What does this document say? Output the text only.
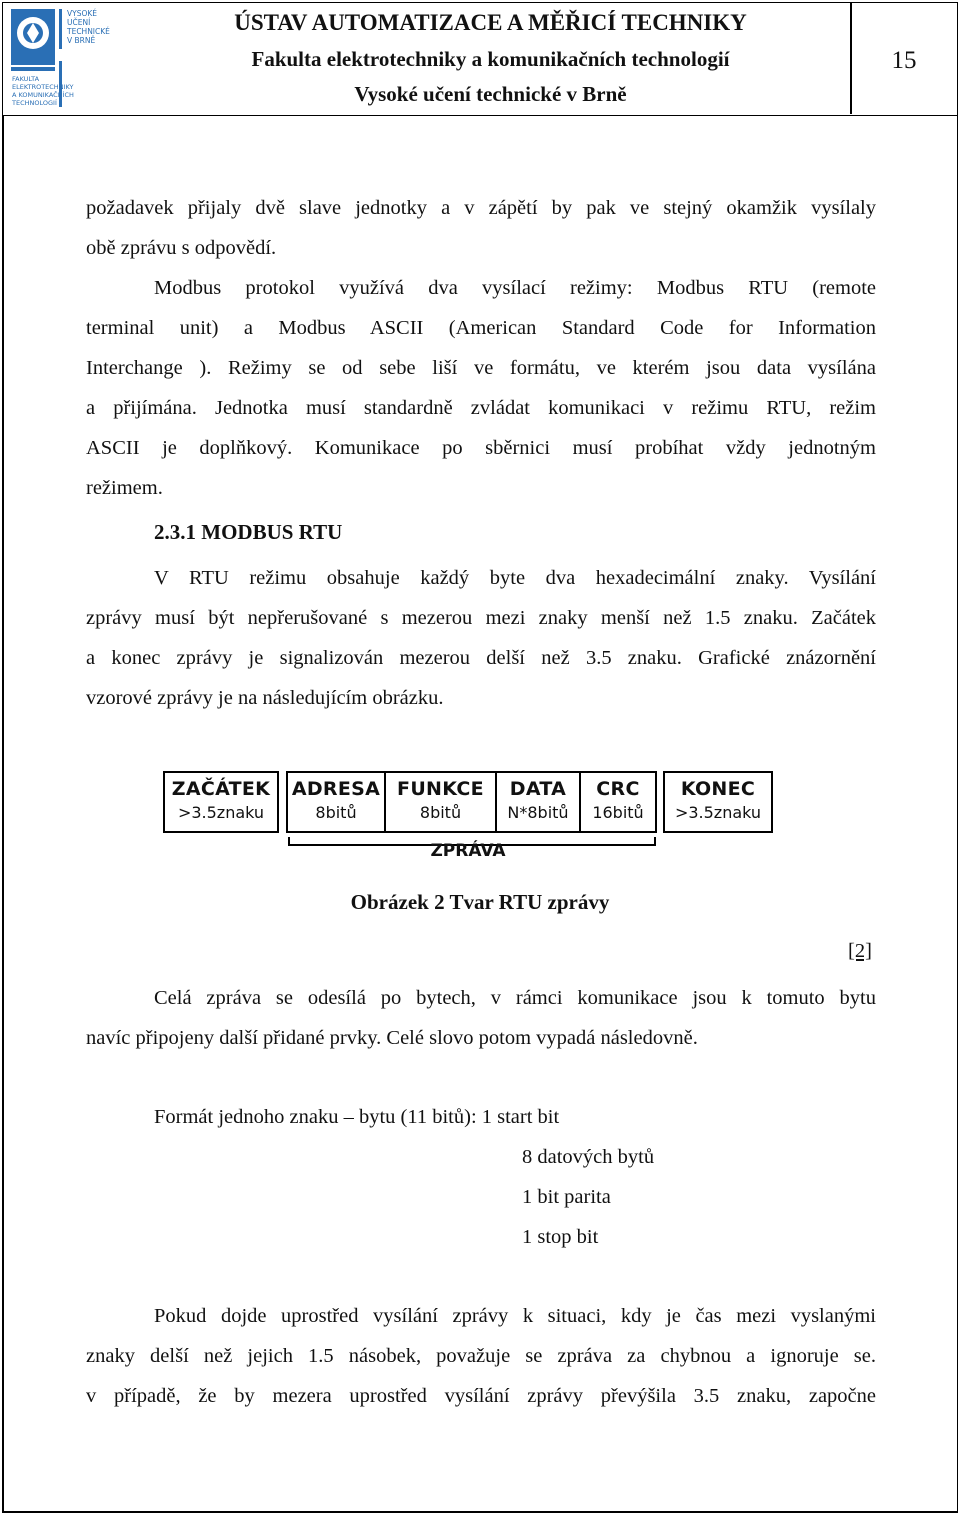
VYSOKÉ
UČENÍ
TECHNICKÉ
V BRNĚ
FAKULTA
ELEKTROTECHNIKY
A KOMUNIKAČNÍCH
TECHNOLOGIÍ
ÚSTAV AUTOMATIZACE A MĚŘICÍ TECHNIKY
Fakulta elektrotechniky a komunikačních technologií
Vysoké učení technické v Brně
15
požadavek přijaly dvě slave jednotky a v zápětí by pak ve stejný okamžik vysílaly
obě zprávu s odpovědí.
Modbus protokol využívá dva vysílací režimy: Modbus RTU (remote
terminal unit) a Modbus ASCII (American Standard Code for Information
Interchange ). Režimy se od sebe liší ve formátu, ve kterém jsou data vysílána
a přijímána. Jednotka musí standardně zvládat komunikaci v režimu RTU, režim
ASCII je doplňkový. Komunikace po sběrnici musí probíhat vždy jednotným
režimem.
2.3.1 MODBUS RTU
V RTU režimu obsahuje každý byte dva hexadecimální znaky. Vysílání
zprávy musí být nepřerušované s mezerou mezi znaky menší než 1.5 znaku. Začátek
a konec zprávy je signalizován mezerou delší než 3.5 znaku. Grafické znázornění
vzorové zprávy je na následujícím obrázku.
ZAČÁTEK
>3.5znaku
ADRESA
8bitů
FUNKCE
8bitů
DATA
N*8bitů
CRC
16bitů
KONEC
>3.5znaku
ZPRÁVA
Obrázek 2 Tvar RTU zprávy
[2]
Celá zpráva se odesílá po bytech, v rámci komunikace jsou k tomuto bytu
navíc připojeny další přidané prvky. Celé slovo potom vypadá následovně.
Formát jednoho znaku – bytu (11 bitů): 1 start bit
8 datových bytů
1 bit parita
1 stop bit
Pokud dojde uprostřed vysílání zprávy k situaci, kdy je čas mezi vyslanými
znaky delší než jejich 1.5 násobek, považuje se zpráva za chybnou a ignoruje se.
v případě, že by mezera uprostřed vysílání zprávy převýšila 3.5 znaku, započne
